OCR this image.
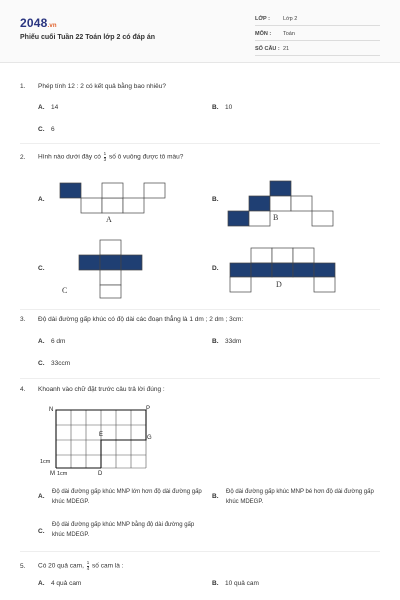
2048.vn
Phiếu cuối Tuần 22 Toán lớp 2 có đáp án
LỚP : Lớp 2
MÔN : Toán
SỐ CÂU : 21
1. Phép tính 12 : 2 có kết quả bằng bao nhiêu?
A. 14	B. 10
C. 6
2. Hình nào dưới đây có $\frac{1}{3}$ số ô vuông được tô màu?
A.
A
B.
B
C.
C
D.
D
3. Độ dài đường gấp khúc có độ dài các đoạn thẳng là 1 dm ; 2 dm ; 3cm:
A. 6 dm	B. 33dm
C. 33ccm
4. Khoanh vào chữ đặt trước câu trả lời đúng :
N	P
E	G
M	D
1cm
1cm
A.
Độ dài đường gấp khúc MNP lớn hơn độ dài đường gấp khúc MDEGP.
B.
Độ dài đường gấp khúc MNP bé hơn độ dài đường gấp khúc MDEGP.
C.
Độ dài đường gấp khúc MNP bằng độ dài đường gấp khúc MDEGP.
5. Có 20 quả cam, $\frac{1}{4}$ số cam là :
A. 4 quả cam	B. 10 quả cam
